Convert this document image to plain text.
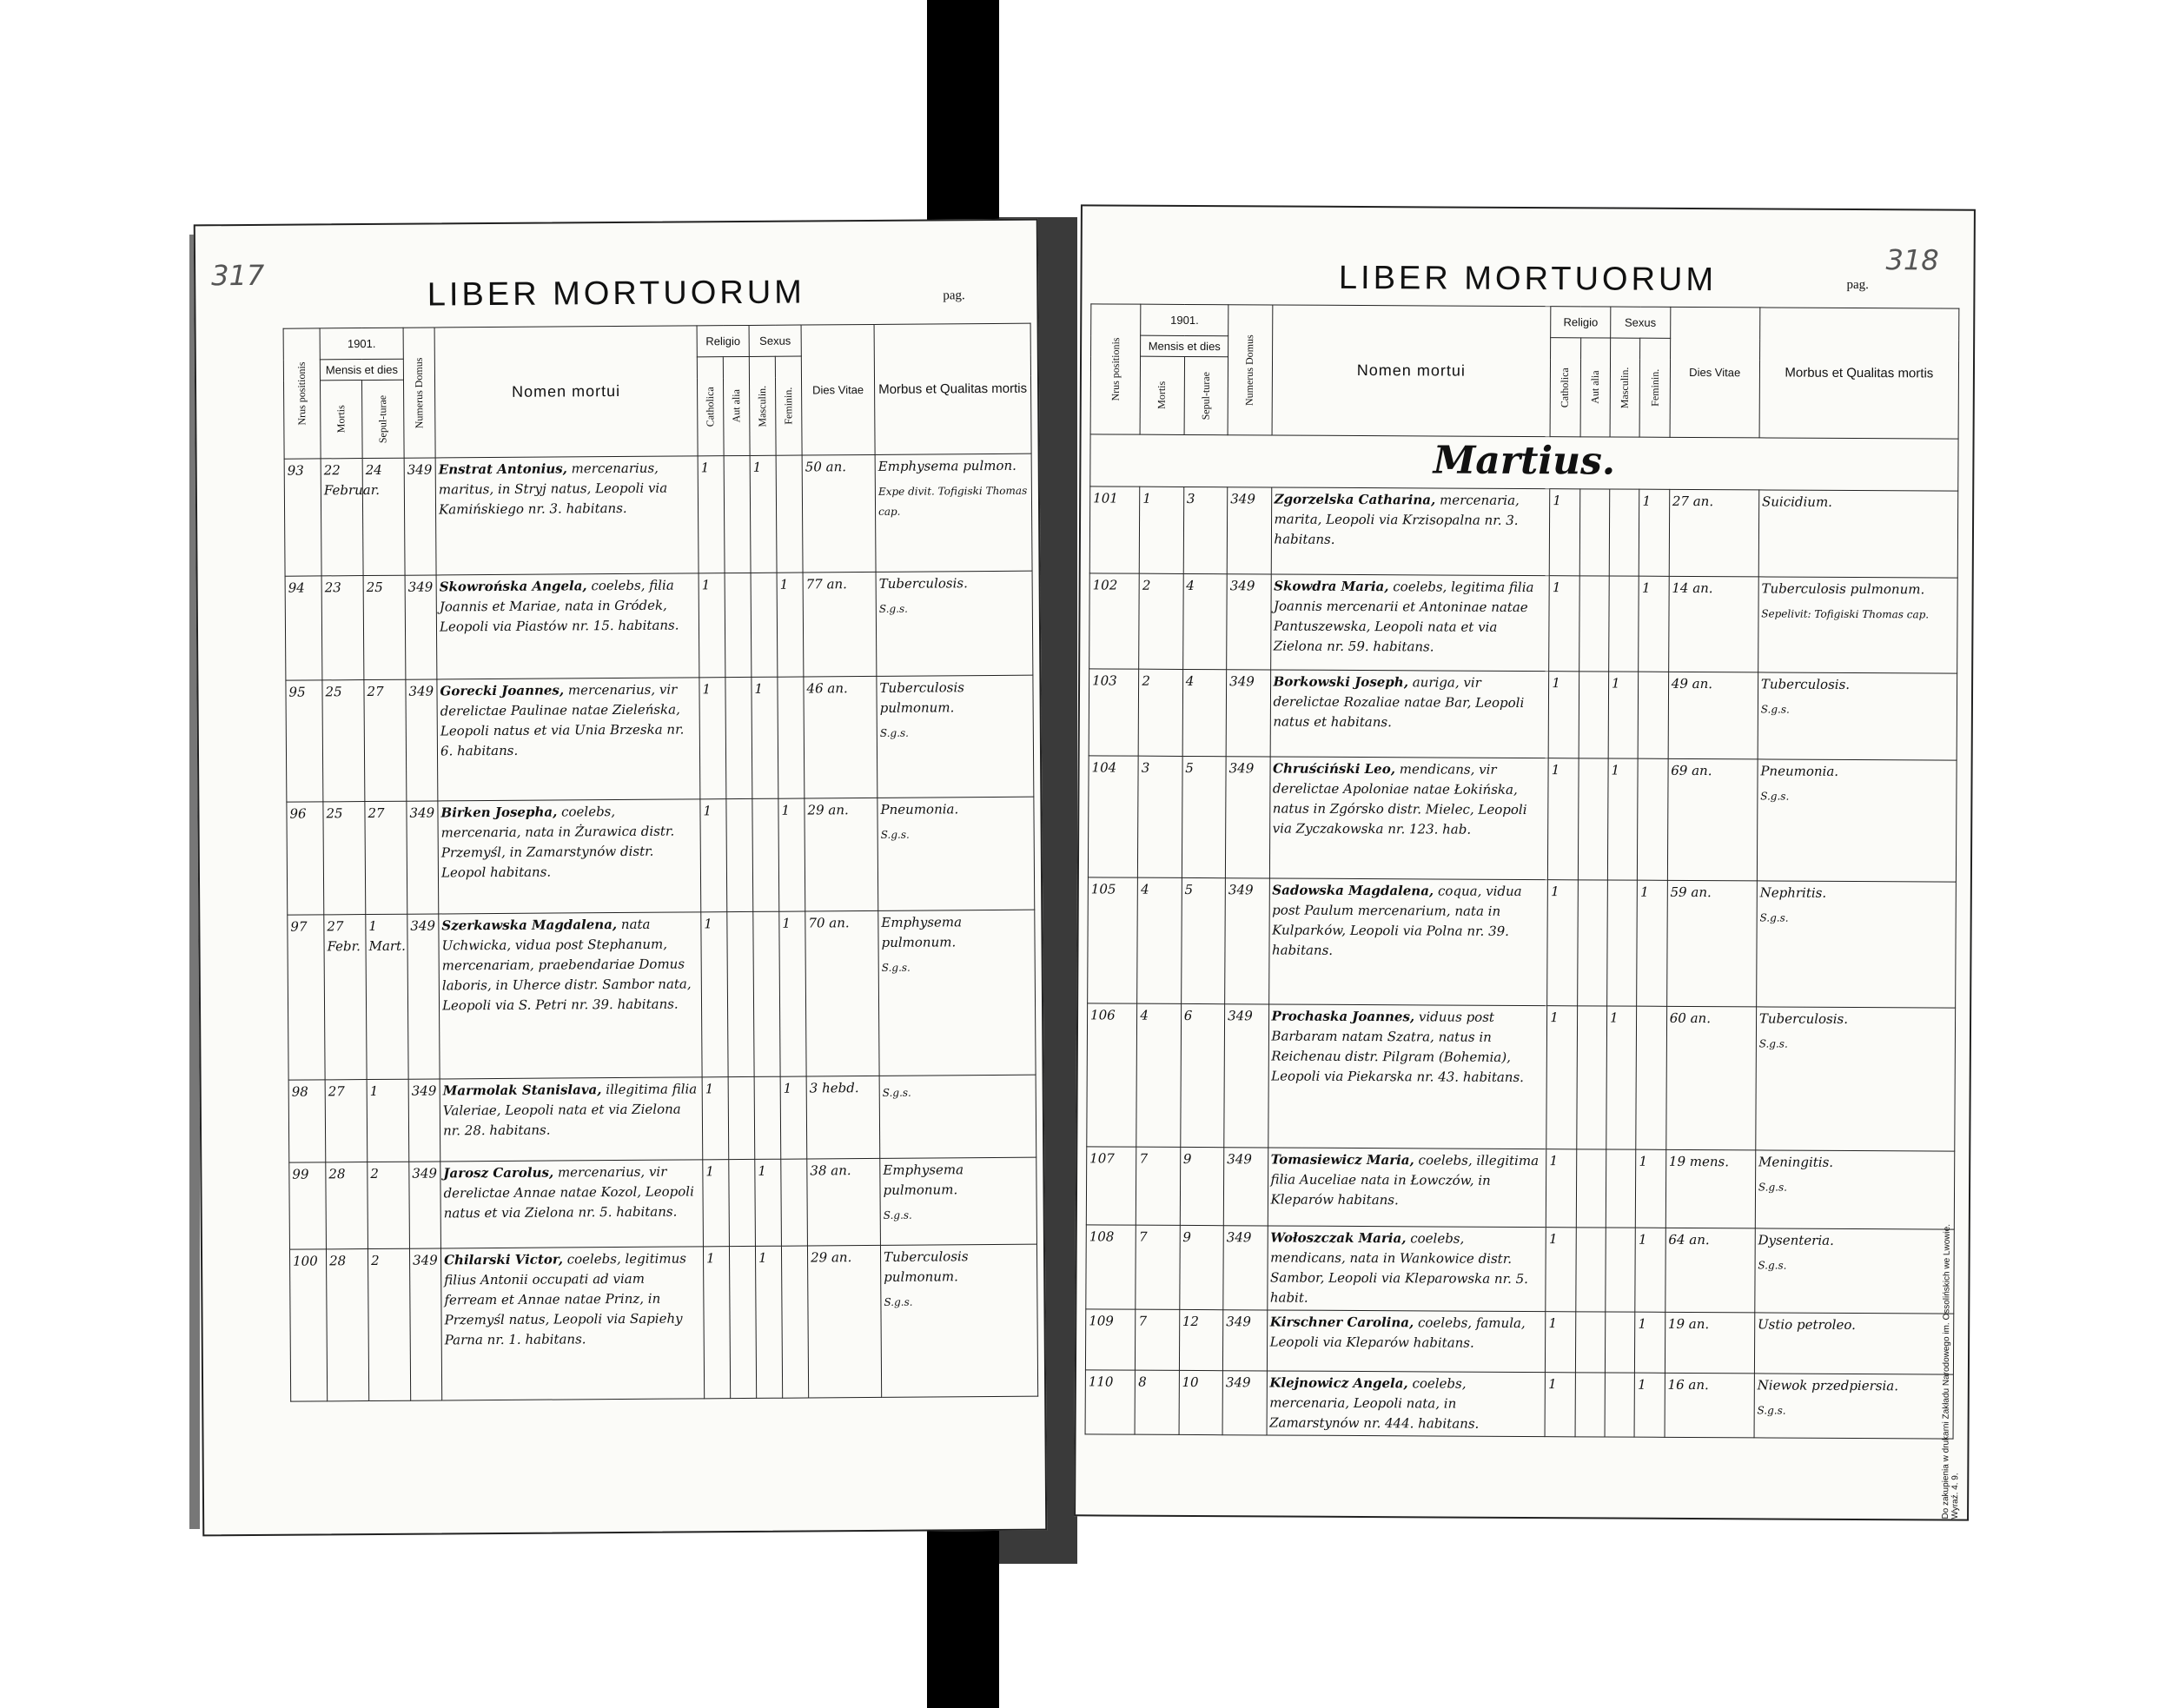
317	LIBER MORTUORUM	pag.
Nrus positionis	1901.		Numerus Domus	Nomen mortui	Religio		Sexus		Dies Vitae	Morbus et Qualitas mortis
	Mensis et dies				Catholica	Aut alia	Masculin.	Feminin.		

	Mortis	Sepul-turae								

93	22 Februar.	24	349	Enstrat Antonius, mercenarius, maritus, in Stryj natus, Leopoli via Kamińskiego nr. 3. habitans.	1		1		50 an.	Emphysema pulmon.
Expe divit. Tofigiski Thomas cap.

94	23	25	349	Skowrońska Angela, coelebs, filia Joannis et Mariae, nata in Gródek, Leopoli via Piastów nr. 15. habitans.	1			1	77 an.	Tuberculosis.
S.g.s.

95	25	27	349	Gorecki Joannes, mercenarius, vir derelictae Paulinae natae Zieleńska, Leopoli natus et via Unia Brzeska nr. 6. habitans.	1		1		46 an.	Tuberculosis pulmonum.
S.g.s.

96	25	27	349	Birken Josepha, coelebs, mercenaria, nata in Żurawica distr. Przemyśl, in Zamarstynów distr. Leopol habitans.	1			1	29 an.	Pneumonia.
S.g.s.

97	27 Febr.	1 Mart.	349	Szerkawska Magdalena, nata Uchwicka, vidua post Stephanum, mercenariam, praebendariae Domus laboris, in Uherce distr. Sambor nata, Leopoli via S. Petri nr. 39. habitans.	1			1	70 an.	Emphysema pulmonum.
S.g.s.

98	27	1	349	Marmolak Stanislava, illegitima filia Valeriae, Leopoli nata et via Zielona nr. 28. habitans.	1			1	3 hebd.	S.g.s.

99	28	2	349	Jarosz Carolus, mercenarius, vir derelictae Annae natae Kozol, Leopoli natus et via Zielona nr. 5. habitans.	1		1		38 an.	Emphysema pulmonum.
S.g.s.

100	28	2	349	Chilarski Victor, coelebs, legitimus filius Antonii occupati ad viam ferream et Annae natae Prinz, in Przemyśl natus, Leopoli via Sapiehy Parna nr. 1. habitans.	1		1		29 an.	Tuberculosis pulmonum.
S.g.s.
318
LIBER MORTUORUM	pag.
Nrus positionis	1901.		Numerus Domus	Nomen mortui	Religio		Sexus		Dies Vitae	Morbus et Qualitas mortis
	Mensis et dies				Catholica	Aut alia	Masculin.	Feminin.		

	Mortis	Sepul-turae								

Martius.										
101	1	3	349	Zgorzelska Catharina, mercenaria, marita, Leopoli via Krzisopalna nr. 3. habitans.	1			1	27 an.	Suicidium.

102	2	4	349	Skowdra Maria, coelebs, legitima filia Joannis mercenarii et Antoninae natae Pantuszewska, Leopoli nata et via Zielona nr. 59. habitans.	1			1	14 an.	Tuberculosis pulmonum.
Sepelivit: Tofigiski Thomas cap.

103	2	4	349	Borkowski Joseph, auriga, vir derelictae Rozaliae natae Bar, Leopoli natus et habitans.	1		1		49 an.	Tuberculosis.
S.g.s.

104	3	5	349	Chruściński Leo, mendicans, vir derelictae Apoloniae natae Łokińska, natus in Zgórsko distr. Mielec, Leopoli via Zyczakowska nr. 123. hab.	1		1		69 an.	Pneumonia.
S.g.s.

105	4	5	349	Sadowska Magdalena, coqua, vidua post Paulum mercenarium, nata in Kulparków, Leopoli via Polna nr. 39. habitans.	1			1	59 an.	Nephritis.
S.g.s.

106	4	6	349	Prochaska Joannes, viduus post Barbaram natam Szatra, natus in Reichenau distr. Pilgram (Bohemia), Leopoli via Piekarska nr. 43. habitans.	1		1		60 an.	Tuberculosis.
S.g.s.

107	7	9	349	Tomasiewicz Maria, coelebs, illegitima filia Auceliae nata in Łowczów, in Kleparów habitans.	1			1	19 mens.	Meningitis.
S.g.s.

108	7	9	349	Wołoszczak Maria, coelebs, mendicans, nata in Wankowice distr. Sambor, Leopoli via Kleparowska nr. 5. habit.	1			1	64 an.	Dysenteria.
S.g.s.

109	7	12	349	Kirschner Carolina, coelebs, famula, Leopoli via Kleparów habitans.	1			1	19 an.	Ustio petroleo.

110	8	10	349	Klejnowicz Angela, coelebs, mercenaria, Leopoli nata, in Zamarstynów nr. 444. habitans.	1			1	16 an.	Niewok przedpiersia.
S.g.s.	Do zakupienia w drukarni Zakładu Narodowego im. Ossolińskich we Lwowie. Wyraź. 4. 9.
